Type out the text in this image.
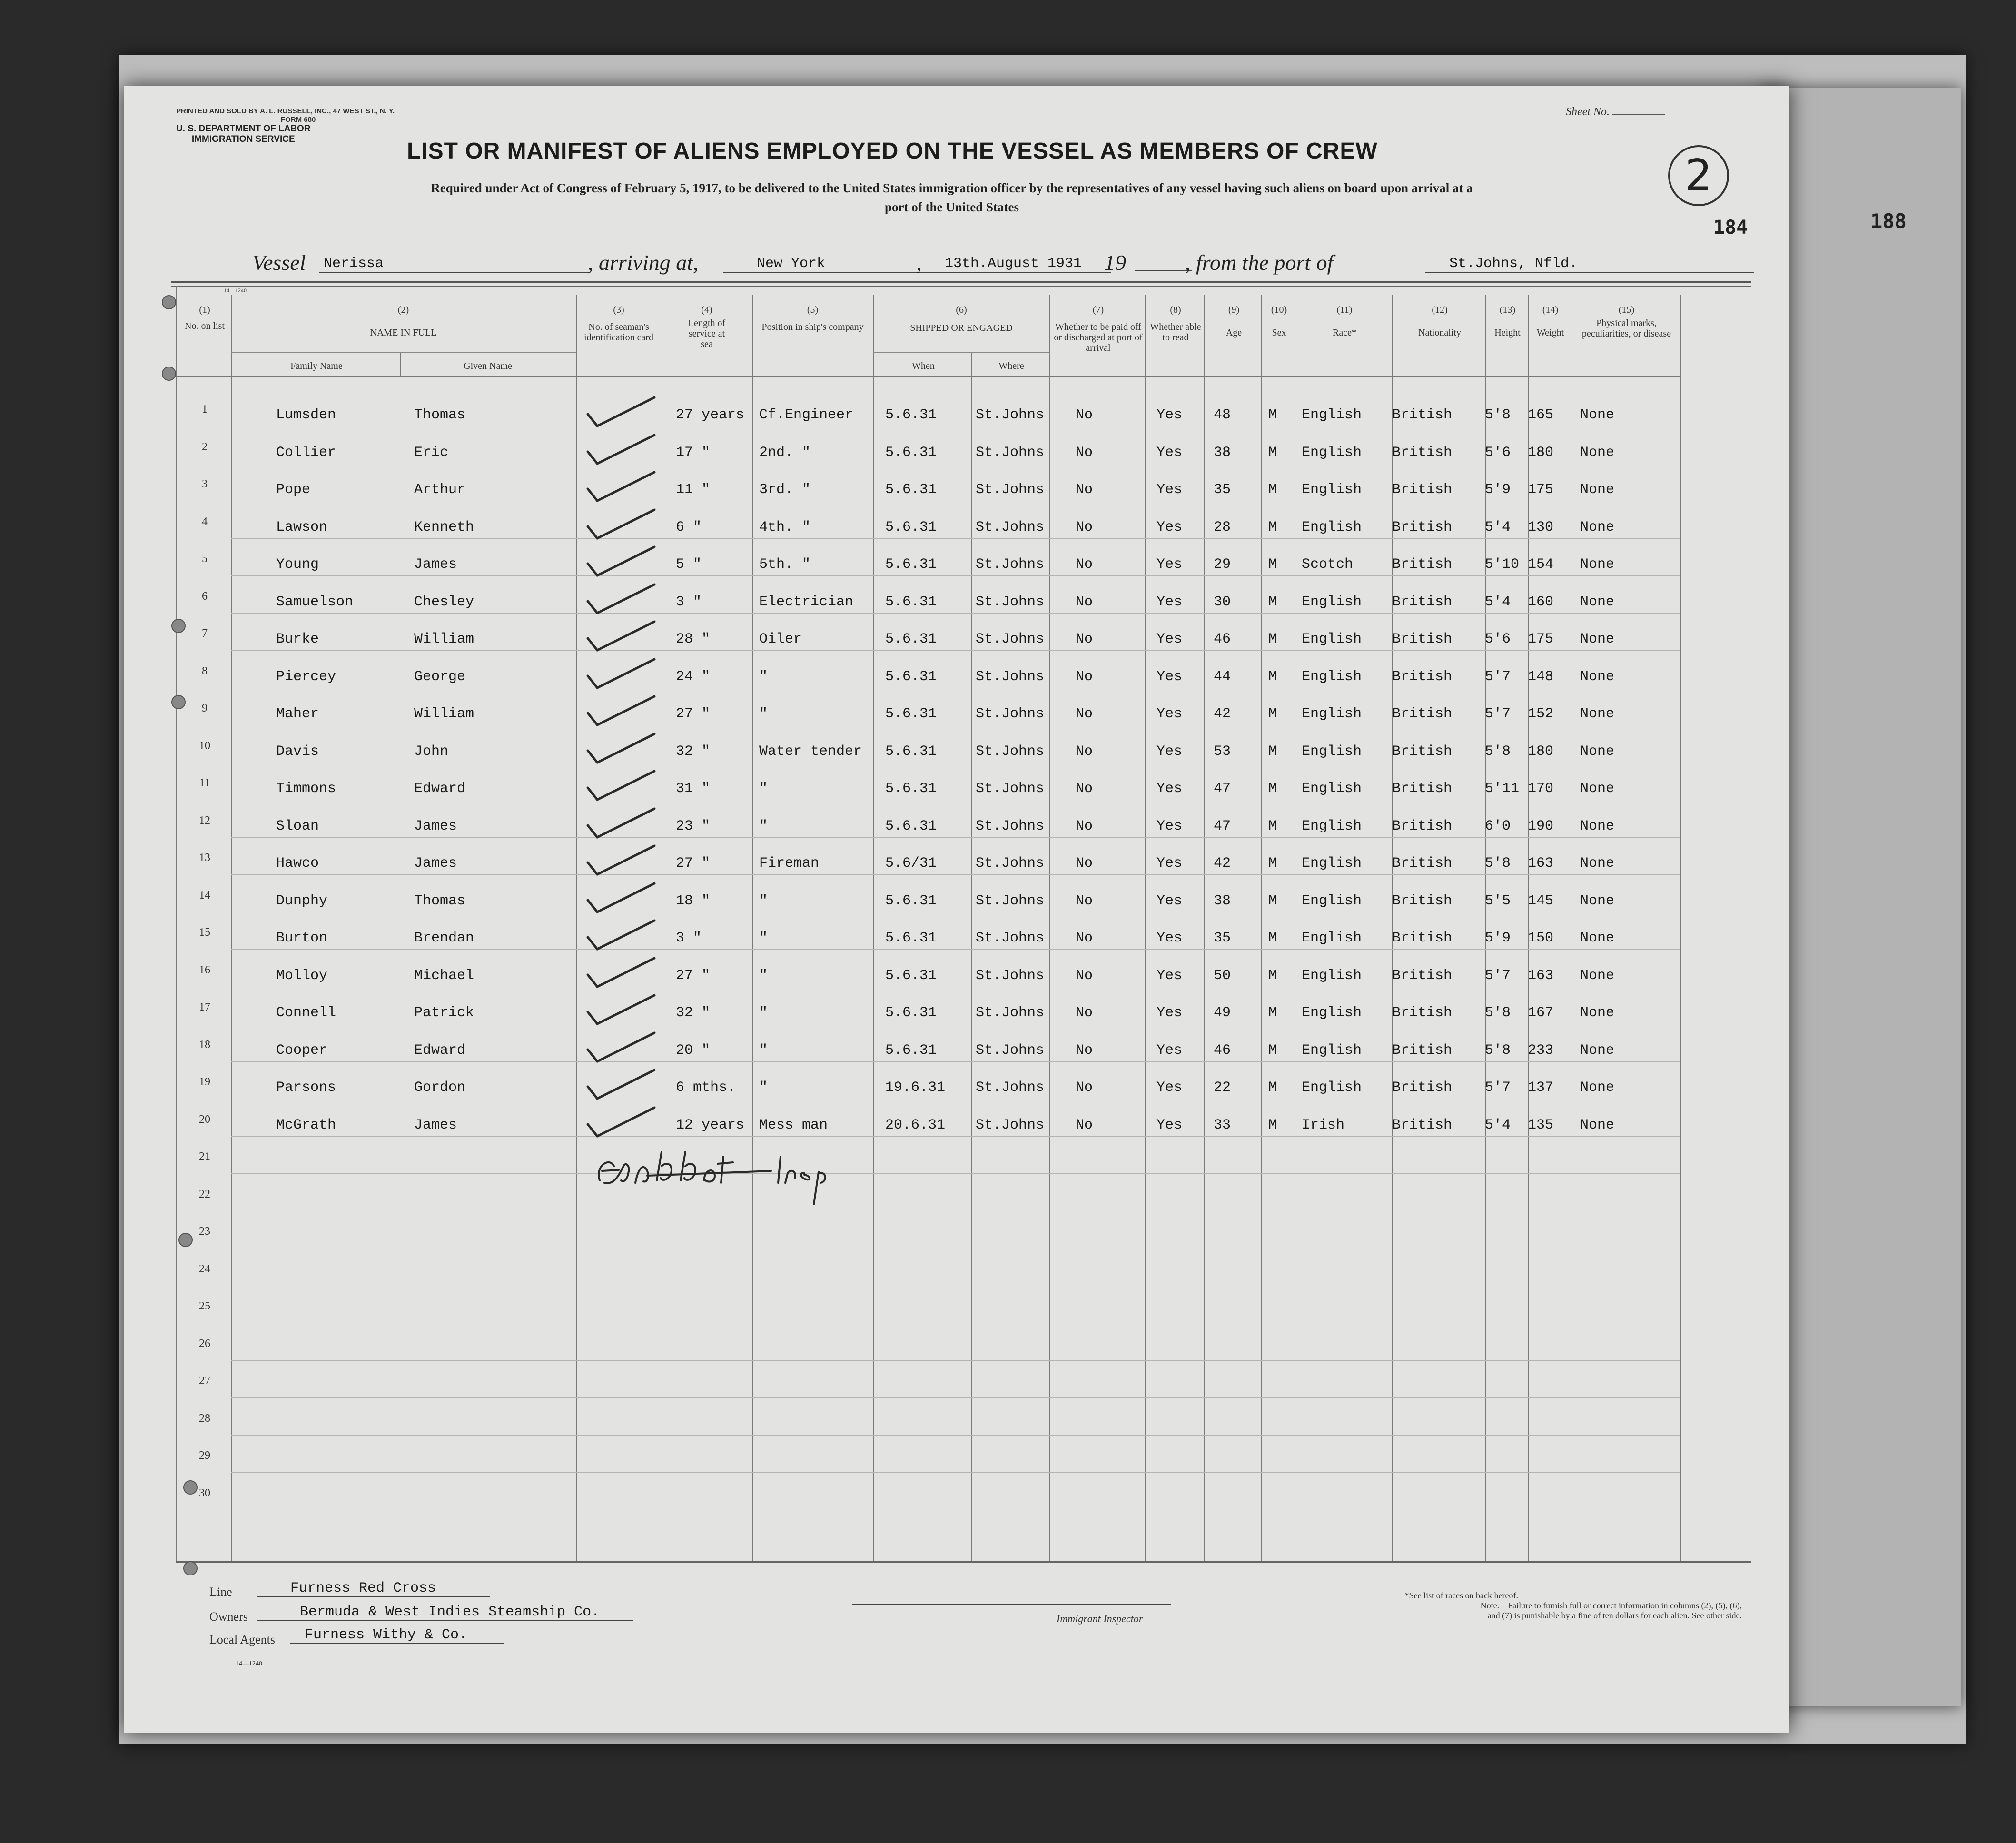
188
PRINTED AND SOLD BY A. L. RUSSELL, INC., 47 WEST ST., N. Y.
FORM 680
U. S. DEPARTMENT OF LABOR
IMMIGRATION SERVICE
Sheet No.
LIST OR MANIFEST OF ALIENS EMPLOYED ON THE VESSEL AS MEMBERS OF CREW	2
184
Required under Act of Congress of February 5, 1917, to be delivered to the United States immigration officer by the representatives of any vessel having such aliens on board upon arrival at a
port of the United States
Vessel	Nerissa	, arriving at,	New York	,	13th.August 1931	19	, from the port of	St.Johns, Nfld.
(1)
No. on list
(2)
NAME IN FULL
Family Name	Given Name
(3)
No. of seaman's identification card
(4)
Length of service at sea
(5)
Position in ship's company
(6)
SHIPPED OR ENGAGED
When	Where
(7)
Whether to be paid off or discharged at port of arrival
(8)
Whether able to read
(9)
Age
(10)
Sex
(11)
Race*
(12)
Nationality
(13)
Height
(14)
Weight
(15)
Physical marks, peculiarities, or disease
1	Lumsden	Thomas	27 years	Cf.Engineer	5.6.31	St.Johns	No	Yes	48	M	English	British	5'8	165	None
2	Collier	Eric	17 "	2nd. "	5.6.31	St.Johns	No	Yes	38	M	English	British	5'6	180	None
3	Pope	Arthur	11 "	3rd. "	5.6.31	St.Johns	No	Yes	35	M	English	British	5'9	175	None
4	Lawson	Kenneth	6 "	4th. "	5.6.31	St.Johns	No	Yes	28	M	English	British	5'4	130	None
5	Young	James	5 "	5th. "	5.6.31	St.Johns	No	Yes	29	M	Scotch	British	5'10 154	None
6	Samuelson	Chesley	3 "	Electrician	5.6.31	St.Johns	No	Yes	30	M	English	British	5'4	160	None
7	Burke	William	28 "	Oiler	5.6.31	St.Johns	No	Yes	46	M	English	British	5'6	175	None
8	Piercey	George	24 "	"	5.6.31	St.Johns	No	Yes	44	M	English	British	5'7	148	None
9	Maher	William	27 "	"	5.6.31	St.Johns	No	Yes	42	M	English	British	5'7	152	None
10	Davis	John	32 "	Water tender	5.6.31	St.Johns	No	Yes	53	M	English	British	5'8	180	None
11	Timmons	Edward	31 "	"	5.6.31	St.Johns	No	Yes	47	M	English	British	5'11 170	None
12	Sloan	James	23 "	"	5.6.31	St.Johns	No	Yes	47	M	English	British	6'0	190	None
13	Hawco	James	27 "	Fireman	5.6/31	St.Johns	No	Yes	42	M	English	British	5'8	163	None
14	Dunphy	Thomas	18 "	"	5.6.31	St.Johns	No	Yes	38	M	English	British	5'5	145	None
15	Burton	Brendan	3 "	"	5.6.31	St.Johns	No	Yes	35	M	English	British	5'9	150	None
16	Molloy	Michael	27 "	"	5.6.31	St.Johns	No	Yes	50	M	English	British	5'7	163	None
17	Connell	Patrick	32 "	"	5.6.31	St.Johns	No	Yes	49	M	English	British	5'8	167	None
18	Cooper	Edward	20 "	"	5.6.31	St.Johns	No	Yes	46	M	English	British	5'8	233	None
19	Parsons	Gordon	6 mths.	"	19.6.31	St.Johns	No	Yes	22	M	English	British	5'7	137	None
20	McGrath	James	12 years	Mess man	20.6.31	St.Johns	No	Yes	33	M	Irish	British	5'4	135	None
21
22
23
24
25
26
27
28
29
30
E P Abbott Insp
Line	Furness Red Cross
Owners	Bermuda & West Indies Steamship Co.
Local Agents	Furness Withy & Co.
14—1240
Immigrant Inspector
*See list of races on back hereof.
Note.—Failure to furnish full or correct information in columns (2), (5), (6),
and (7) is punishable by a fine of ten dollars for each alien. See other side.
14—1240
